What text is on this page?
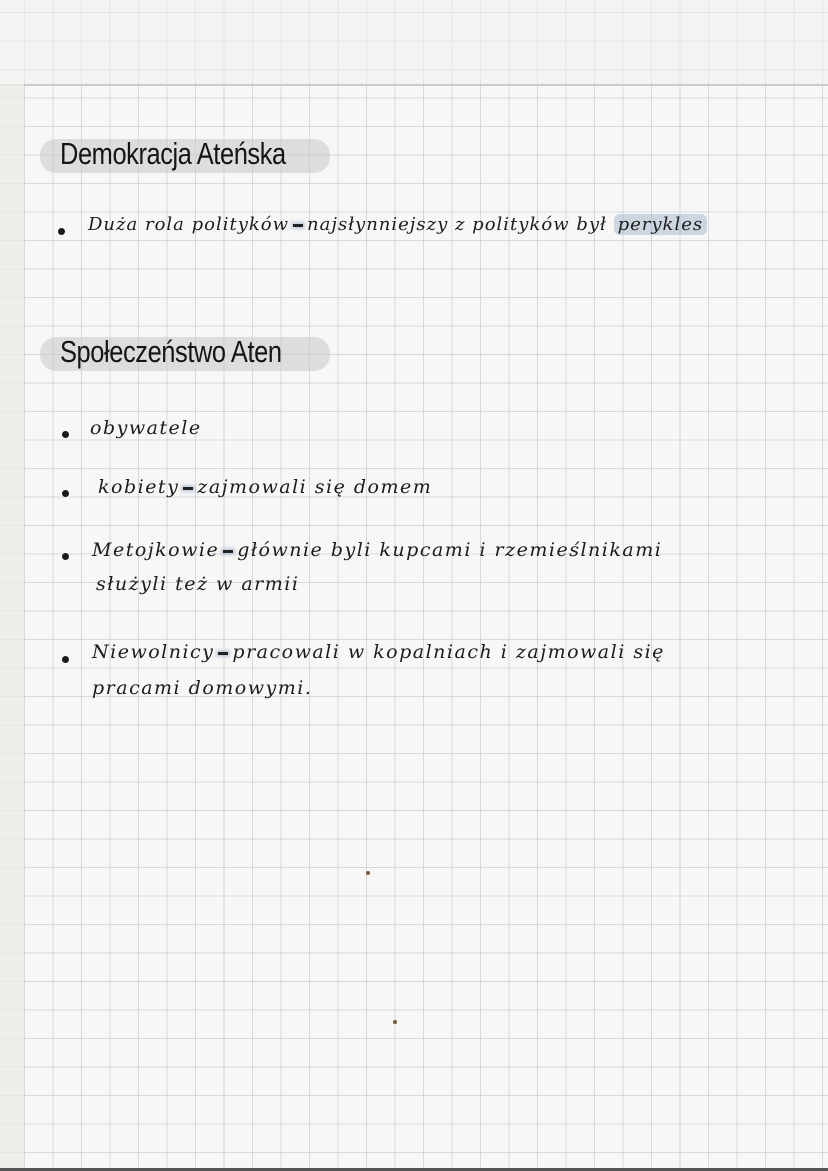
Demokracja Ateńska
Duża rola polityków najsłynniejszy z polityków był perykles
Społeczeństwo Aten
obywatele
kobiety zajmowali się domem
Metojkowie głównie byli kupcami i rzemieślnikami
służyli też w armii
Niewolnicy pracowali w kopalniach i zajmowali się
pracami domowymi.
